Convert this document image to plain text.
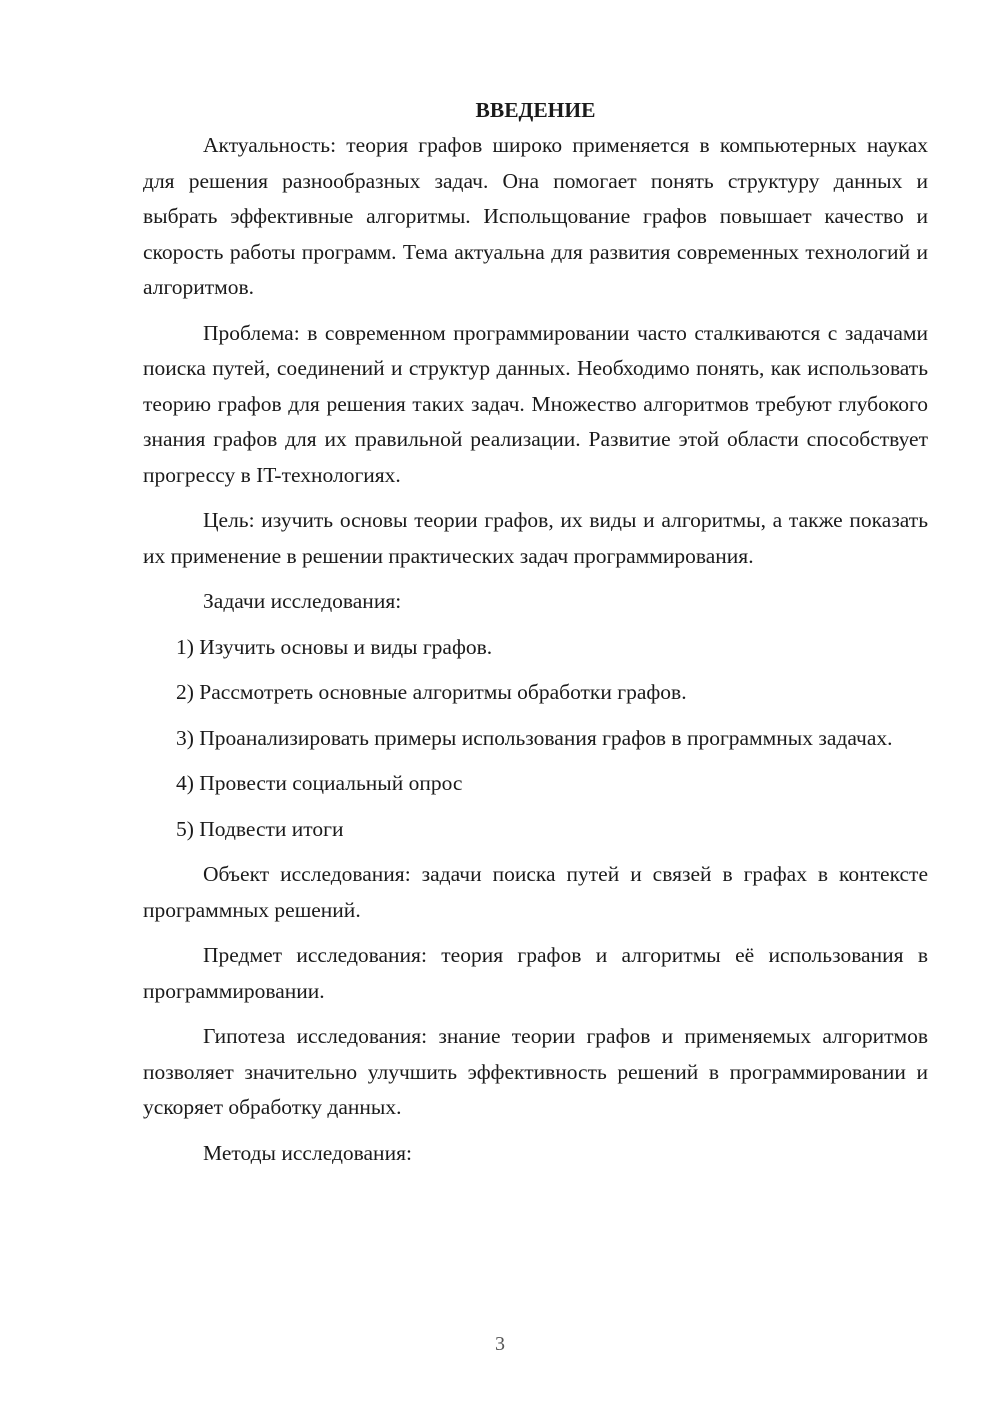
ВВЕДЕНИЕ

Актуальность: теория графов широко применяется в компьютерных науках для решения разнообразных задач. Она помогает понять структуру данных и выбрать эффективные алгоритмы. Испольщование графов повышает качество и скорость работы программ. Тема актуальна для развития современных технологий и алгоритмов.

Проблема: в современном программировании часто сталкиваются с задачами поиска путей, соединений и структур данных. Необходимо понять, как использовать теорию графов для решения таких задач. Множество алгоритмов требуют глубокого знания графов для их правильной реализации. Развитие этой области способствует прогрессу в IT-технологиях.

Цель: изучить основы теории графов, их виды и алгоритмы, а также показать их применение в решении практических задач программирования.

Задачи исследования:

1) Изучить основы и виды графов.

2) Рассмотреть основные алгоритмы обработки графов.

3) Проанализировать примеры использования графов в программных задачах.

4) Провести социальный опрос

5) Подвести итоги

Объект исследования: задачи поиска путей и связей в графах в контексте программных решений.

Предмет исследования: теория графов и алгоритмы её использования в программировании.

Гипотеза исследования: знание теории графов и применяемых алгоритмов позволяет значительно улучшить эффективность решений в программировании и ускоряет обработку данных.

Методы исследования:

3
